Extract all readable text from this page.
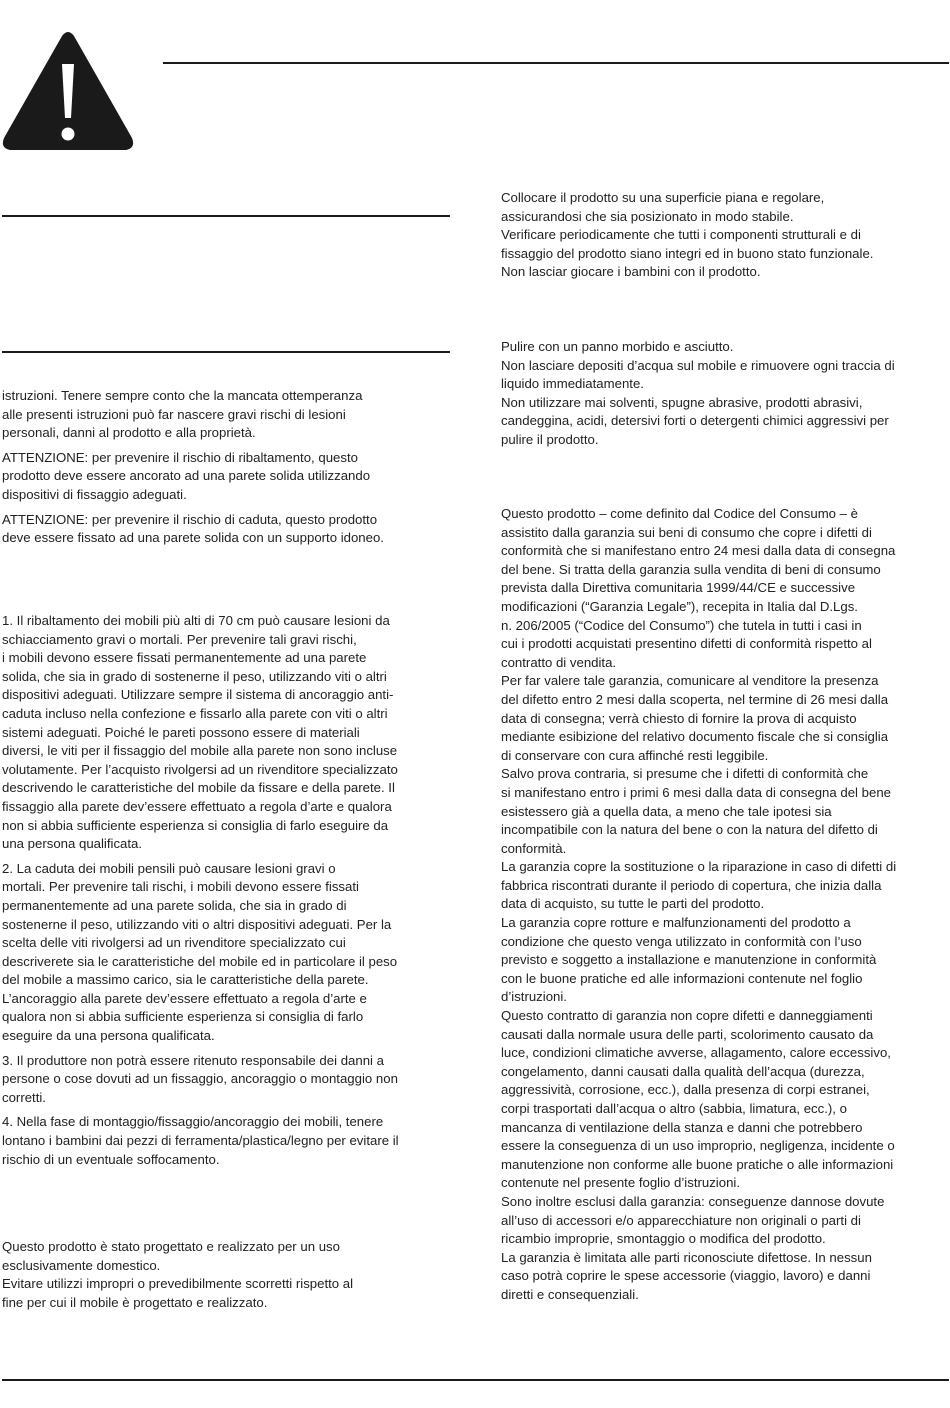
istruzioni. Tenere sempre conto che la mancata ottemperanza
alle presenti istruzioni può far nascere gravi rischi di lesioni
personali, danni al prodotto e alla proprietà.

ATTENZIONE: per prevenire il rischio di ribaltamento, questo
prodotto deve essere ancorato ad una parete solida utilizzando
dispositivi di fissaggio adeguati.

ATTENZIONE: per prevenire il rischio di caduta, questo prodotto
deve essere fissato ad una parete solida con un supporto idoneo.

1. Il ribaltamento dei mobili più alti di 70 cm può causare lesioni da
schiacciamento gravi o mortali. Per prevenire tali gravi rischi,
i mobili devono essere fissati permanentemente ad una parete
solida, che sia in grado di sostenerne il peso, utilizzando viti o altri
dispositivi adeguati. Utilizzare sempre il sistema di ancoraggio anti-
caduta incluso nella confezione e fissarlo alla parete con viti o altri
sistemi adeguati. Poiché le pareti possono essere di materiali
diversi, le viti per il fissaggio del mobile alla parete non sono incluse
volutamente. Per l’acquisto rivolgersi ad un rivenditore specializzato
descrivendo le caratteristiche del mobile da fissare e della parete. Il
fissaggio alla parete dev’essere effettuato a regola d’arte e qualora
non si abbia sufficiente esperienza si consiglia di farlo eseguire da
una persona qualificata.

2. La caduta dei mobili pensili può causare lesioni gravi o
mortali. Per prevenire tali rischi, i mobili devono essere fissati
permanentemente ad una parete solida, che sia in grado di
sostenerne il peso, utilizzando viti o altri dispositivi adeguati. Per la
scelta delle viti rivolgersi ad un rivenditore specializzato cui
descriverete sia le caratteristiche del mobile ed in particolare il peso
del mobile a massimo carico, sia le caratteristiche della parete.
L’ancoraggio alla parete dev’essere effettuato a regola d’arte e
qualora non si abbia sufficiente esperienza si consiglia di farlo
eseguire da una persona qualificata.

3. Il produttore non potrà essere ritenuto responsabile dei danni a
persone o cose dovuti ad un fissaggio, ancoraggio o montaggio non
corretti.

4. Nella fase di montaggio/fissaggio/ancoraggio dei mobili, tenere
lontano i bambini dai pezzi di ferramenta/plastica/legno per evitare il
rischio di un eventuale soffocamento.

Questo prodotto è stato progettato e realizzato per un uso
esclusivamente domestico.
Evitare utilizzi impropri o prevedibilmente scorretti rispetto al
fine per cui il mobile è progettato e realizzato.

Collocare il prodotto su una superficie piana e regolare,
assicurandosi che sia posizionato in modo stabile.
Verificare periodicamente che tutti i componenti strutturali e di
fissaggio del prodotto siano integri ed in buono stato funzionale.
Non lasciar giocare i bambini con il prodotto.

Pulire con un panno morbido e asciutto.
Non lasciare depositi d’acqua sul mobile e rimuovere ogni traccia di
liquido immediatamente.
Non utilizzare mai solventi, spugne abrasive, prodotti abrasivi,
candeggina, acidi, detersivi forti o detergenti chimici aggressivi per
pulire il prodotto.

Questo prodotto – come definito dal Codice del Consumo – è
assistito dalla garanzia sui beni di consumo che copre i difetti di
conformità che si manifestano entro 24 mesi dalla data di consegna
del bene. Si tratta della garanzia sulla vendita di beni di consumo
prevista dalla Direttiva comunitaria 1999/44/CE e successive
modificazioni (“Garanzia Legale”), recepita in Italia dal D.Lgs.
n. 206/2005 (“Codice del Consumo”) che tutela in tutti i casi in
cui i prodotti acquistati presentino difetti di conformità rispetto al
contratto di vendita.

Per far valere tale garanzia, comunicare al venditore la presenza
del difetto entro 2 mesi dalla scoperta, nel termine di 26 mesi dalla
data di consegna; verrà chiesto di fornire la prova di acquisto
mediante esibizione del relativo documento fiscale che si consiglia
di conservare con cura affinché resti leggibile.

Salvo prova contraria, si presume che i difetti di conformità che
si manifestano entro i primi 6 mesi dalla data di consegna del bene
esistessero già a quella data, a meno che tale ipotesi sia
incompatibile con la natura del bene o con la natura del difetto di
conformità.

La garanzia copre la sostituzione o la riparazione in caso di difetti di
fabbrica riscontrati durante il periodo di copertura, che inizia dalla
data di acquisto, su tutte le parti del prodotto.

La garanzia copre rotture e malfunzionamenti del prodotto a
condizione che questo venga utilizzato in conformità con l’uso
previsto e soggetto a installazione e manutenzione in conformità
con le buone pratiche ed alle informazioni contenute nel foglio
d’istruzioni.

Questo contratto di garanzia non copre difetti e danneggiamenti
causati dalla normale usura delle parti, scolorimento causato da
luce, condizioni climatiche avverse, allagamento, calore eccessivo,
congelamento, danni causati dalla qualità dell’acqua (durezza,
aggressività, corrosione, ecc.), dalla presenza di corpi estranei,
corpi trasportati dall’acqua o altro (sabbia, limatura, ecc.), o
mancanza di ventilazione della stanza e danni che potrebbero
essere la conseguenza di un uso improprio, negligenza, incidente o
manutenzione non conforme alle buone pratiche o alle informazioni
contenute nel presente foglio d’istruzioni.

Sono inoltre esclusi dalla garanzia: conseguenze dannose dovute
all’uso di accessori e/o apparecchiature non originali o parti di
ricambio improprie, smontaggio o modifica del prodotto.

La garanzia è limitata alle parti riconosciute difettose. In nessun
caso potrà coprire le spese accessorie (viaggio, lavoro) e danni
diretti e consequenziali.
